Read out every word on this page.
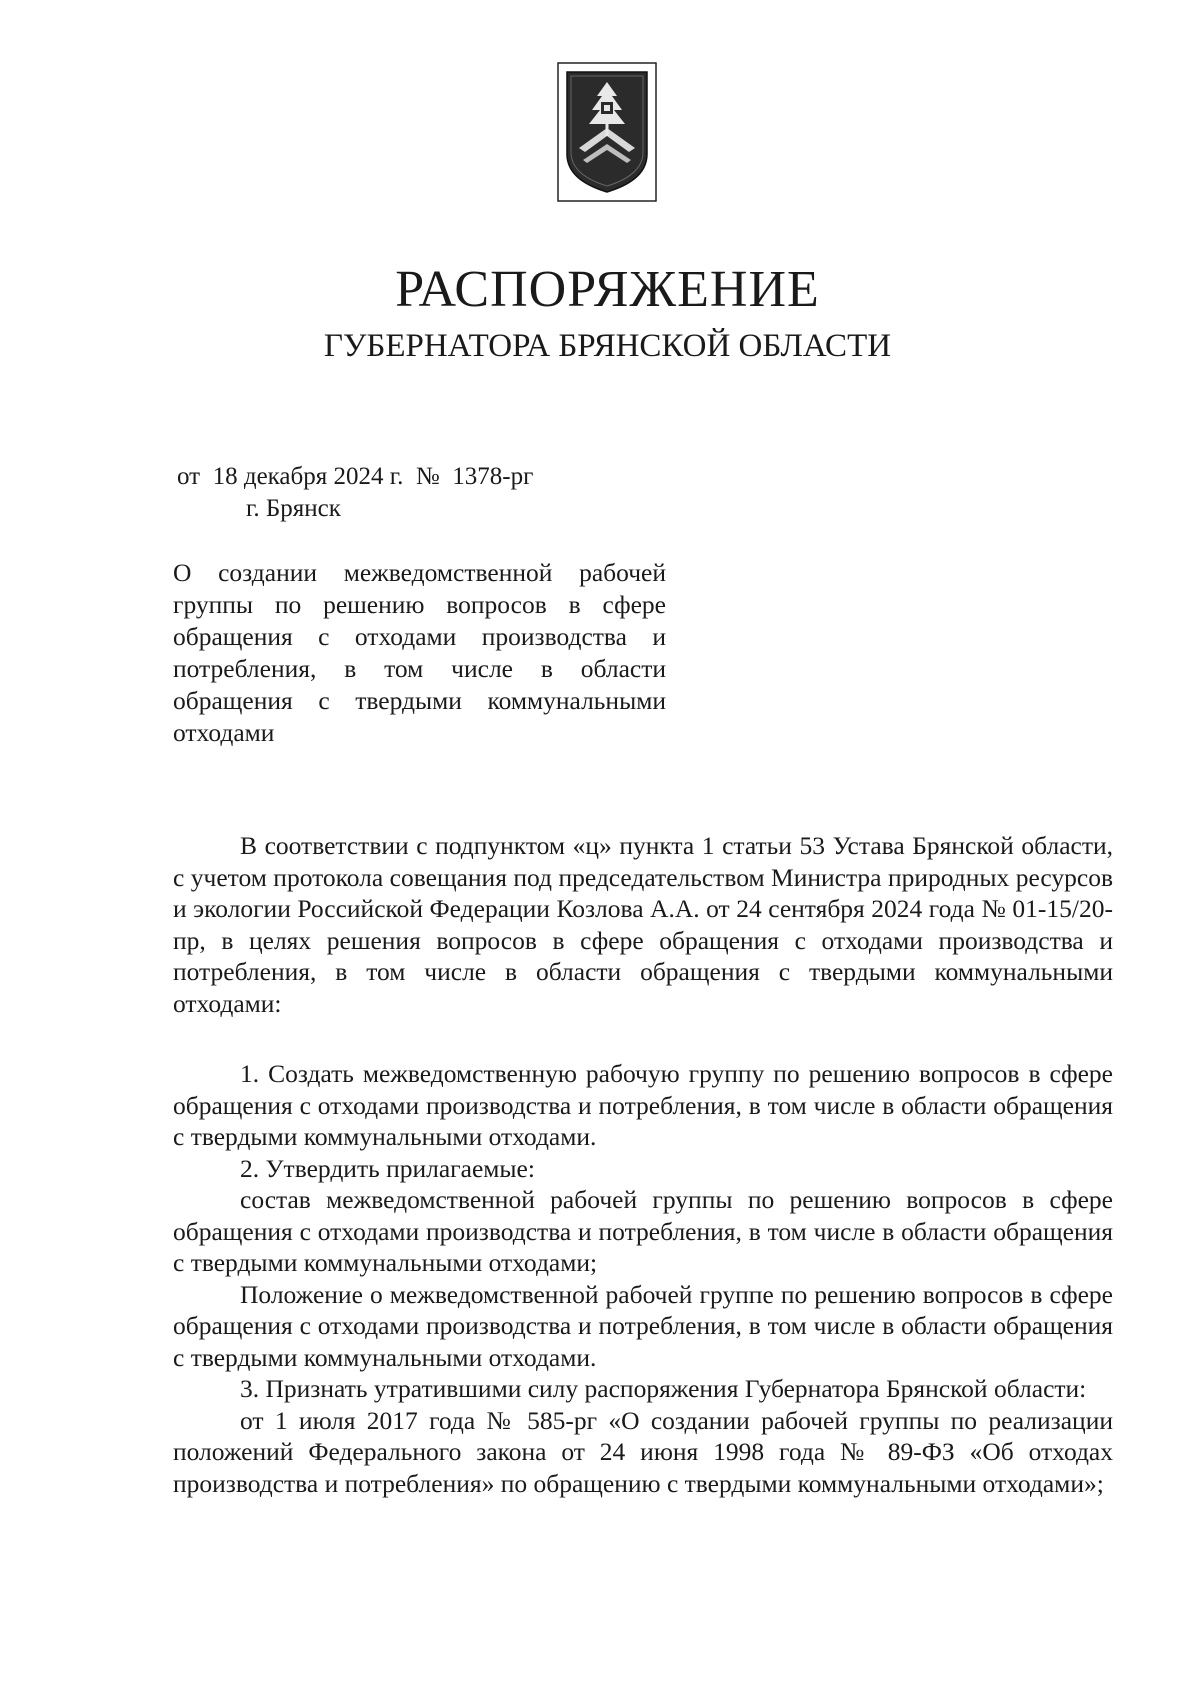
РАСПОРЯЖЕНИЕ
ГУБЕРНАТОРА БРЯНСКОЙ ОБЛАСТИ
от  18 декабря 2024 г.  №  1378-рг
г. Брянск
О создании межведомственной рабочей группы по решению вопросов в сфере обращения с отходами производства и потребления, в том числе в области обращения с твердыми коммунальными отходами

В соответствии с подпунктом «ц» пункта 1 статьи 53 Устава Брянской области, с учетом протокола совещания под председательством Министра природных ресурсов и экологии Российской Федерации Козлова А.А. от 24 сентября 2024 года № 01-15/20-пр, в целях решения вопросов в сфере обращения с отходами производства и потребления, в том числе в области обращения с твердыми коммунальными отходами:

1. Создать межведомственную рабочую группу по решению вопросов в сфере обращения с отходами производства и потребления, в том числе в области обращения с твердыми коммунальными отходами.

2. Утвердить прилагаемые:

состав межведомственной рабочей группы по решению вопросов в сфере обращения с отходами производства и потребления, в том числе в области обращения с твердыми коммунальными отходами;

Положение о межведомственной рабочей группе по решению вопросов в сфере обращения с отходами производства и потребления, в том числе в области обращения с твердыми коммунальными отходами.

3. Признать утратившими силу распоряжения Губернатора Брянской области:

от 1 июля 2017 года № 585-рг «О создании рабочей группы по реализации положений Федерального закона от 24 июня 1998 года № 89-ФЗ «Об отходах производства и потребления» по обращению с твердыми коммунальными отходами»;
